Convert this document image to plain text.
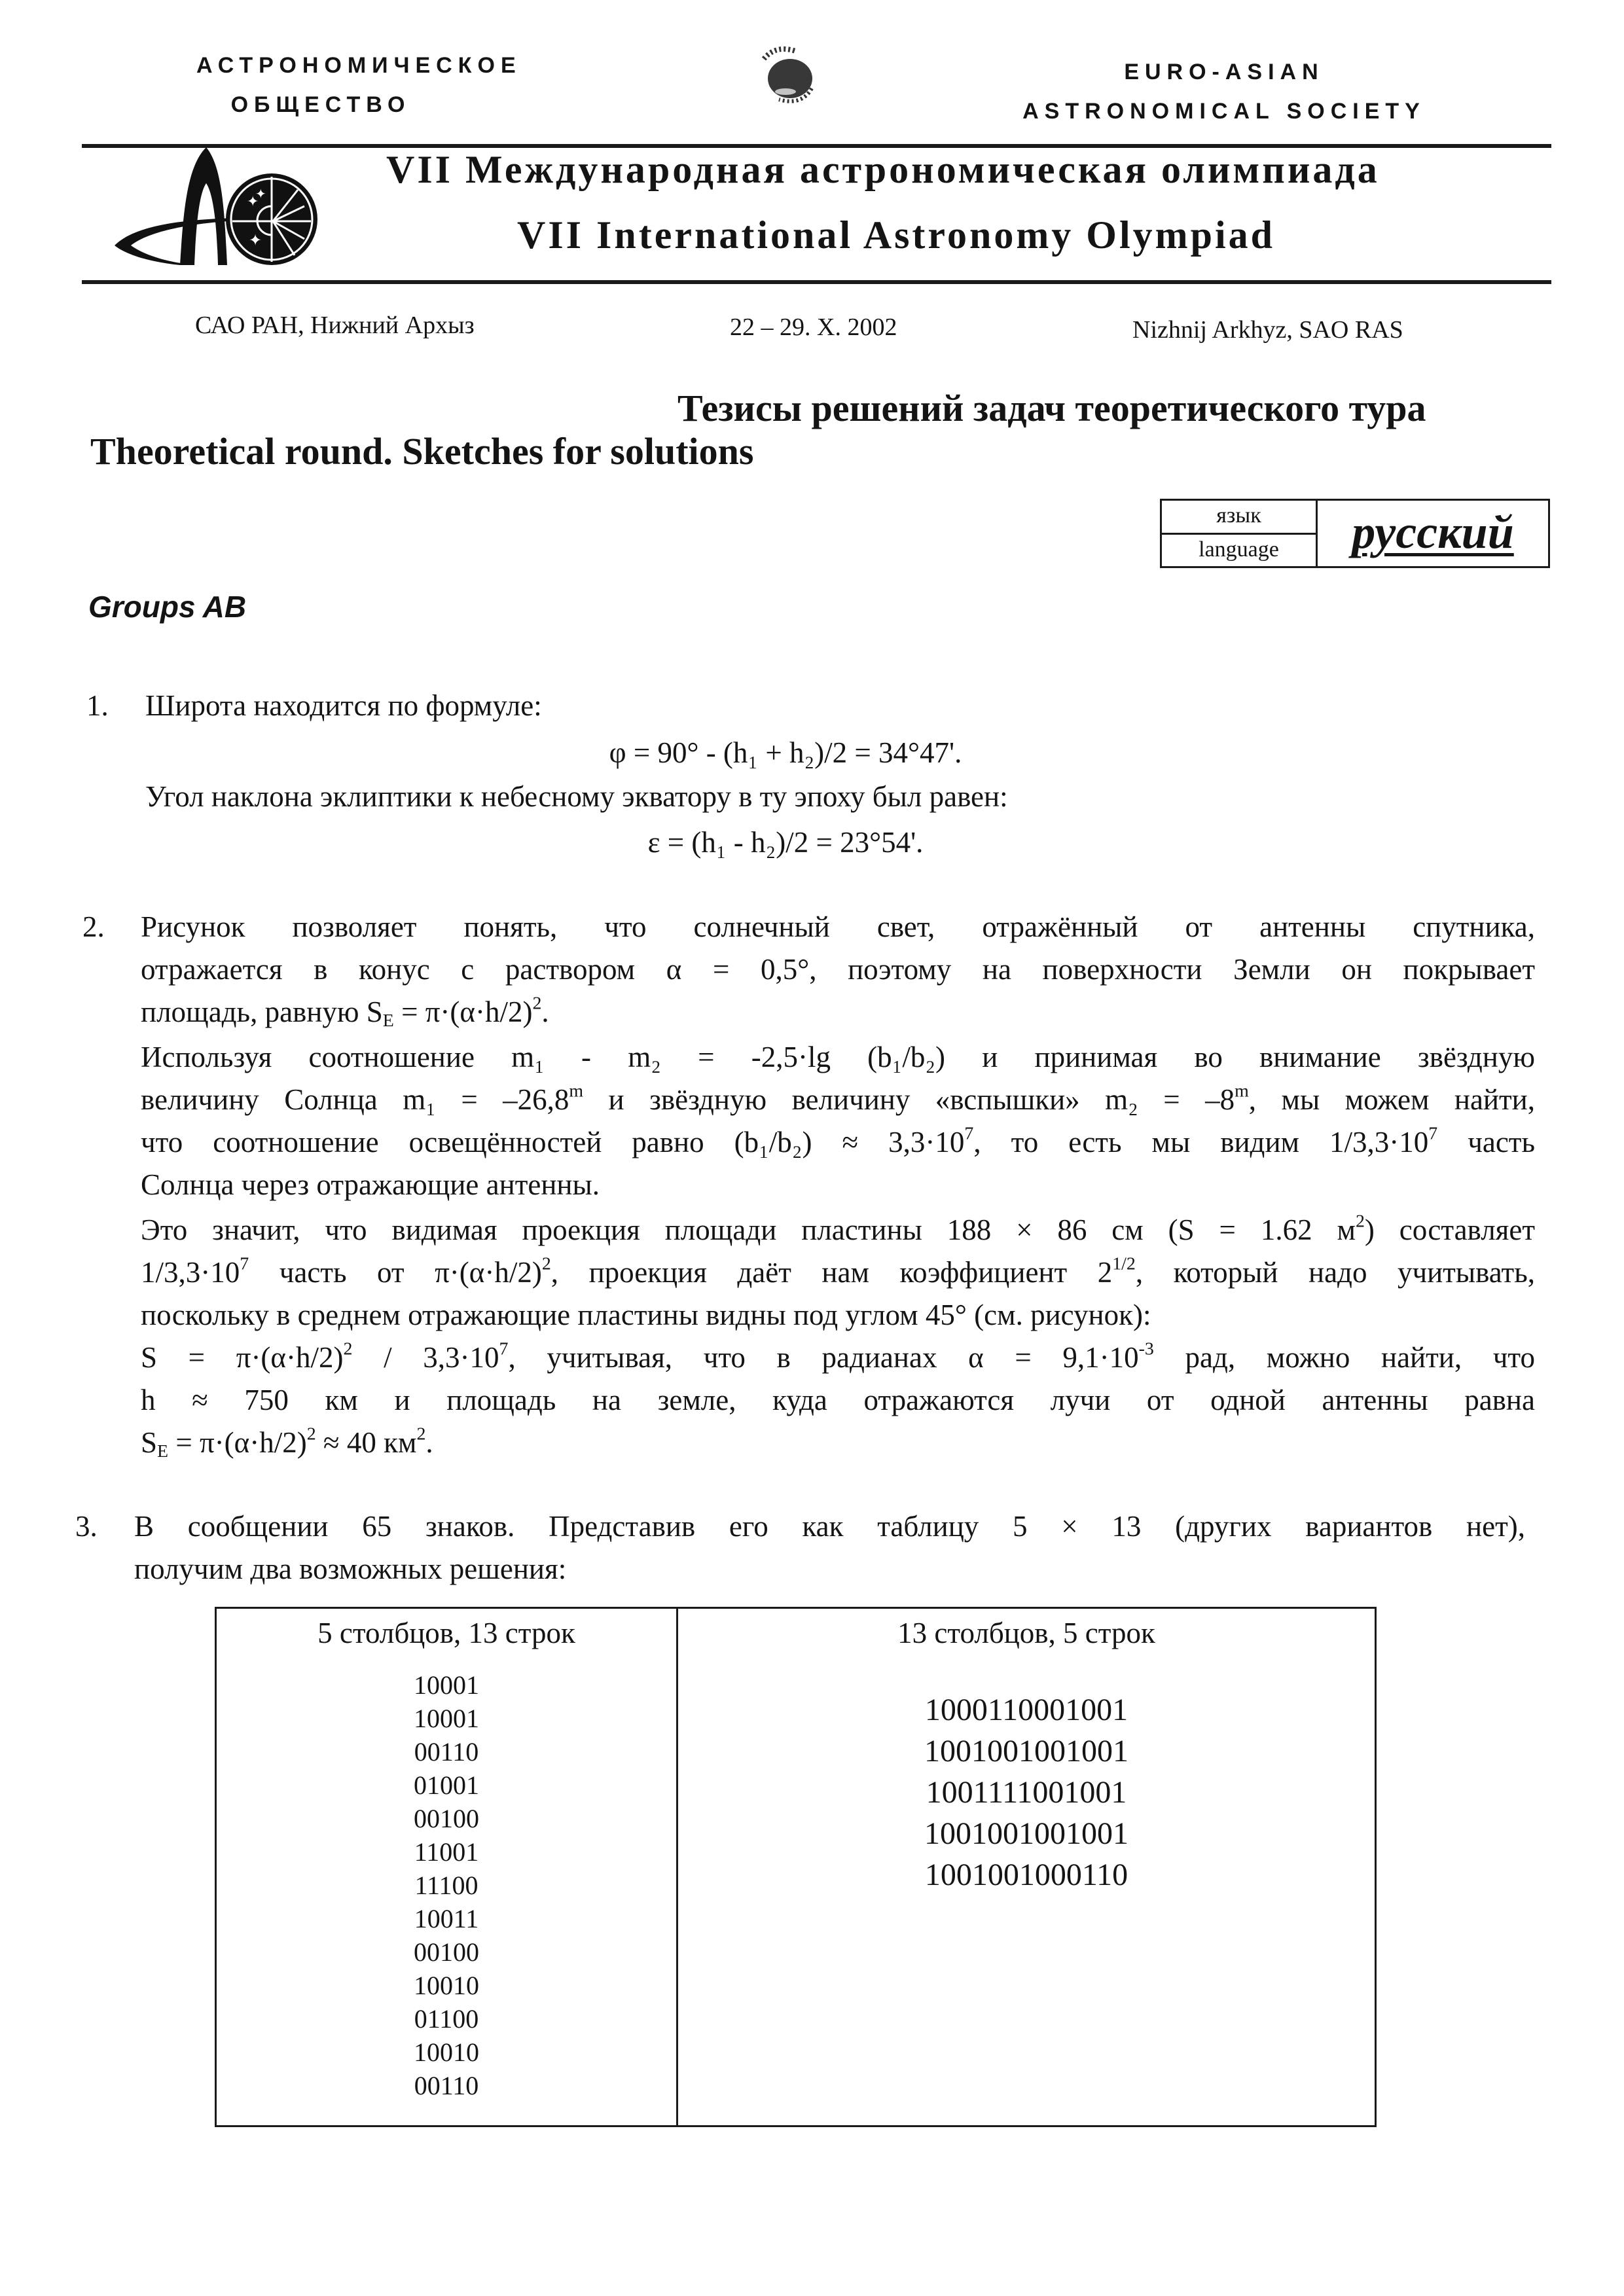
АСТРОНОМИЧЕСКОЕ
ОБЩЕСТВО
EURO-ASIAN
ASTRONOMICAL SOCIETY
✦
✦
✦
VII Международная астрономическая олимпиада
VII International Astronomy Olympiad
САО РАН, Нижний Архыз	22 – 29. X. 2002	Nizhnij Arkhyz, SAO RAS
Тезисы решений задач теоретического тура
Theoretical round. Sketches for solutions
язык
language	русский
Groups AB
1. Широта находится по формуле:
φ = 90° - (h₁ + h₂)/2 = 34°47'.
Угол наклона эклиптики к небесному экватору в ту эпоху был равен:
ε = (h₁ - h₂)/2 = 23°54'.
2. Рисунок позволяет понять, что солнечный свет, отражённый от антенны спутника,
отражается в конус с раствором α = 0,5°, поэтому на поверхности Земли он покрывает
площадь, равную $S_E = \pi\cdot(\alpha\cdot h/2)^2$.
Используя соотношение m₁ - m₂ = -2,5·lg (b₁/b₂) и принимая во внимание звёздную
величину Солнца $m_1 = -26,8^m$ и звёздную величину «вспышки» $m_2 = -8^m$, мы можем найти,
что соотношение освещённостей равно $(b_1/b_2) \approx 3,3\cdot 10^7$, то есть мы видим $1/3,3\cdot 10^7$ часть
Солнца через отражающие антенны.
Это значит, что видимая проекция площади пластины 188 × 86 см (S = 1.62 $м^2$) составляет
$1/3,3\cdot 10^7$ часть от $\pi\cdot(\alpha\cdot h/2)^2$, проекция даёт нам коэффициент $2^{1/2}$, который надо учитывать,
поскольку в среднем отражающие пластины видны под углом 45° (см. рисунок):
$S = \pi\cdot(\alpha\cdot h/2)^2 / 3,3\cdot 10^7$, учитывая, что в радианах $\alpha = 9,1\cdot 10^{-3}$ рад, можно найти, что
h ≈ 750 км и площадь на земле, куда отражаются лучи от одной антенны равна
$S_E = \pi\cdot(\alpha\cdot h/2)^2 \approx 40$ $км^2$.
3. В сообщении 65 знаков. Представив его как таблицу 5 × 13 (других вариантов нет),
получим два возможных решения:
5 столбцов, 13 строк
10001
10001
00110
01001
00100
11001
11100
10011
00100
10010
01100
10010
00110

13 столбцов, 5 строк
1000110001001
1001001001001
1001111001001
1001001001001
1001001000110
